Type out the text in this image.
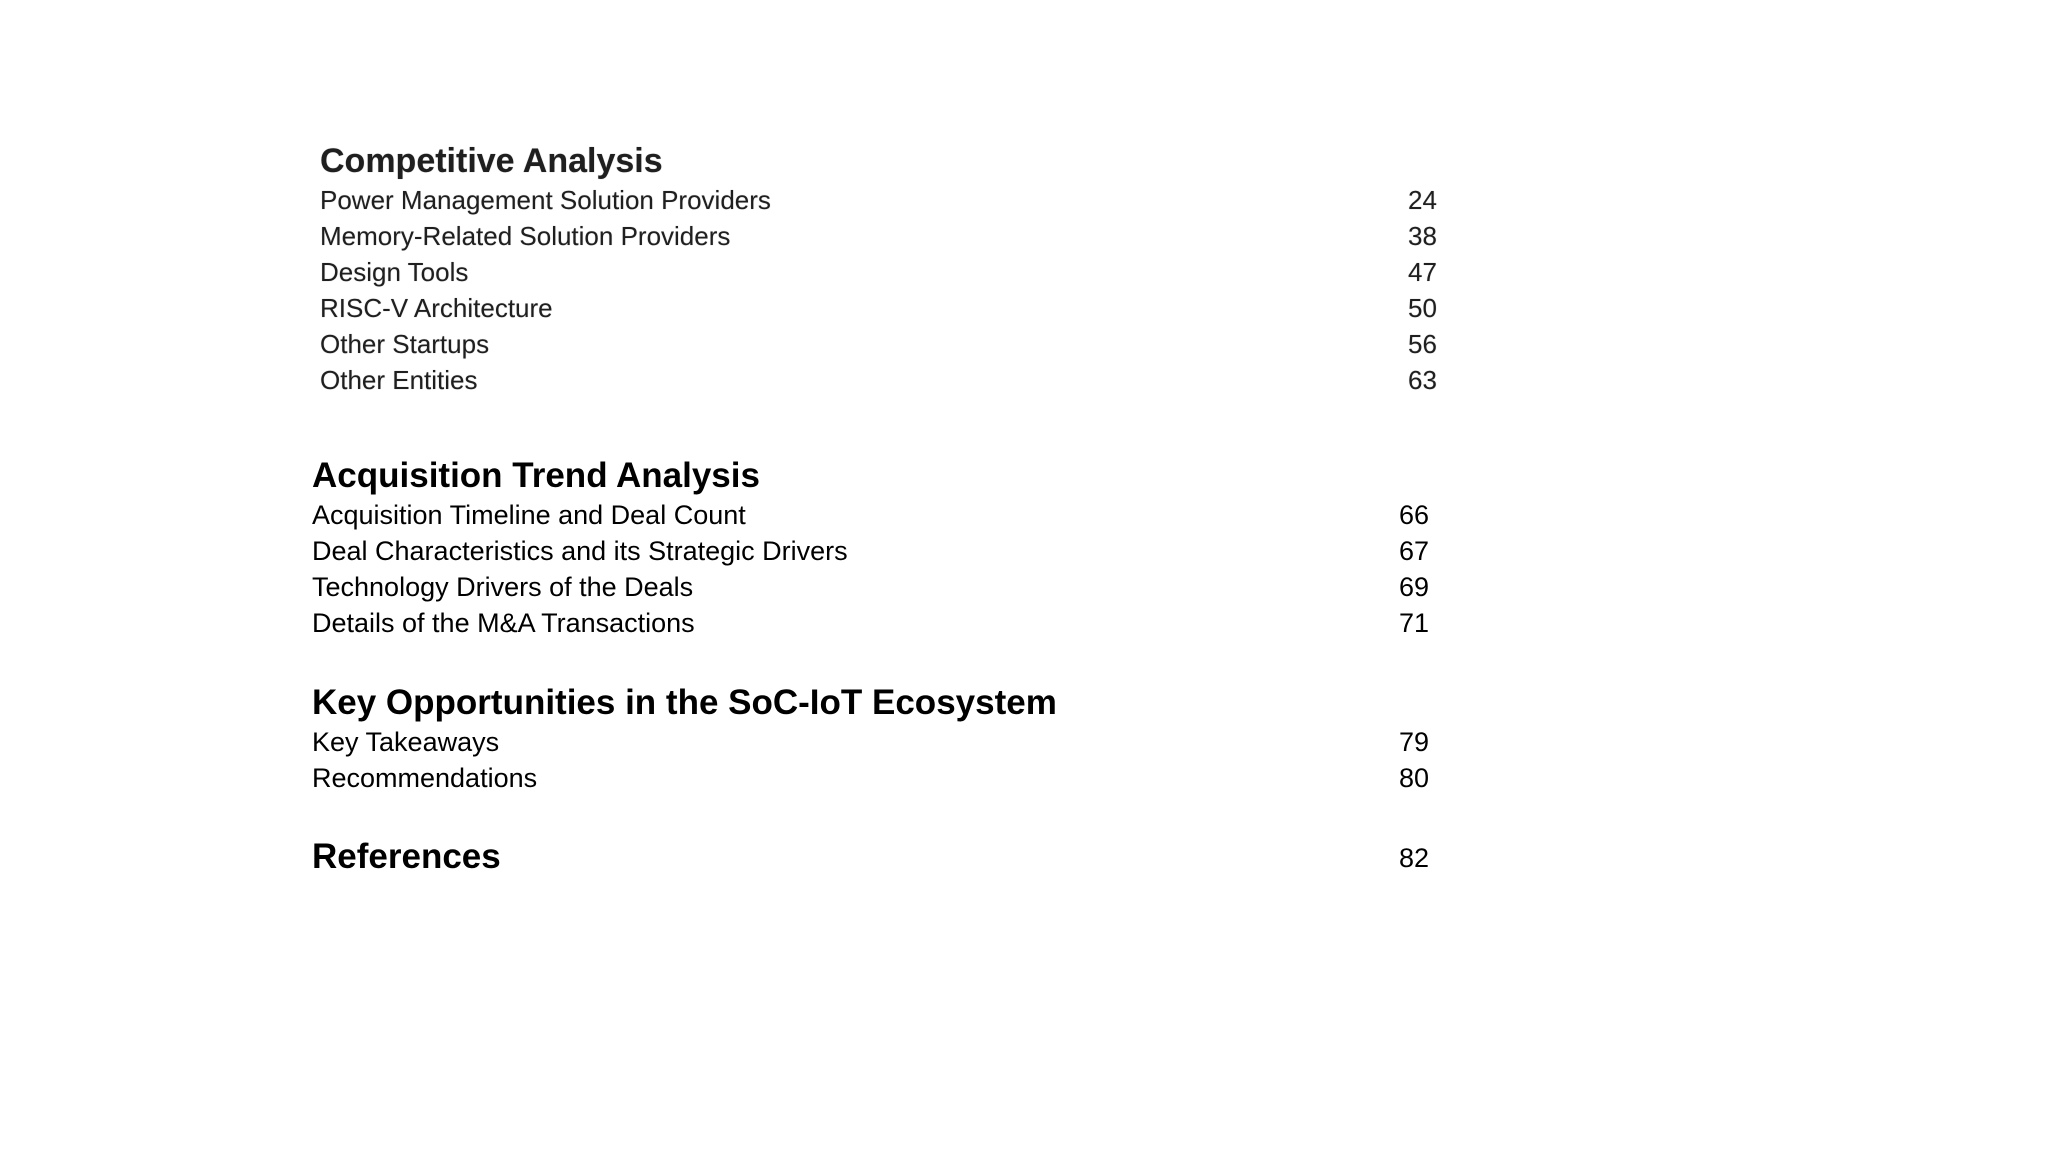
Competitive Analysis
Power Management Solution Providers	24
Memory-Related Solution Providers	38
Design Tools	47
RISC-V Architecture	50
Other Startups	56
Other Entities	63
Acquisition Trend Analysis
Acquisition Timeline and Deal Count	66
Deal Characteristics and its Strategic Drivers	67
Technology Drivers of the Deals	69
Details of the M&A Transactions	71
Key Opportunities in the SoC-IoT Ecosystem
Key Takeaways	79
Recommendations	80
References	82
